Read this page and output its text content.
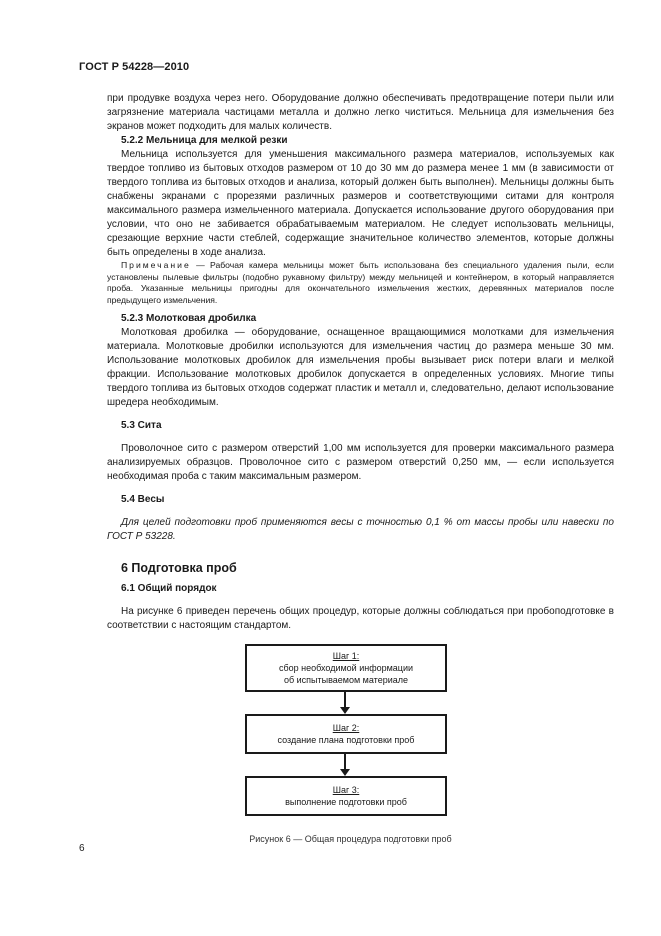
ГОСТ Р 54228—2010

при продувке воздуха через него. Оборудование должно обеспечивать предотвращение потери пыли или загрязнение материала частицами металла и должно легко чиститься. Мельница для измельчения без экранов может подходить для малых количеств.

5.2.2 Мельница для мелкой резки

Мельница используется для уменьшения максимального размера материалов, используемых как твердое топливо из бытовых отходов размером от 10 до 30 мм до размера менее 1 мм (в зависимости от твердого топлива из бытовых отходов и анализа, который должен быть выполнен). Мельницы должны быть снабжены экранами с прорезями различных размеров и соответствующими ситами для контроля максимального размера измельченного материала. Допускается использование другого оборудования при условии, что оно не забивается обрабатываемым материалом. Не следует использовать мельницы, срезающие верхние части стеблей, содержащие значительное количество элементов, которые должны быть определены в ходе анализа.

Примечание — Рабочая камера мельницы может быть использована без специального удаления пыли, если установлены пылевые фильтры (подобно рукавному фильтру) между мельницей и контейнером, в который направляется проба. Указанные мельницы пригодны для окончательного измельчения жестких, деревянных материалов после предыдущего измельчения.

5.2.3 Молотковая дробилка

Молотковая дробилка — оборудование, оснащенное вращающимися молотками для измельчения материала. Молотковые дробилки используются для измельчения частиц до размера меньше 30 мм. Использование молотковых дробилок для измельчения пробы вызывает риск потери влаги и мелкой фракции. Использование молотковых дробилок допускается в определенных условиях. Многие типы твердого топлива из бытовых отходов содержат пластик и металл и, следовательно, делают использование шредера необходимым.

5.3 Сита

Проволочное сито с размером отверстий 1,00 мм используется для проверки максимального размера анализируемых образцов. Проволочное сито с размером отверстий 0,250 мм, — если используется необходимая проба с таким максимальным размером.

5.4 Весы

Для целей подготовки проб применяются весы с точностью 0,1 % от массы пробы или навески по ГОСТ Р 53228.

6 Подготовка проб
6.1 Общий порядок

На рисунке 6 приведен перечень общих процедур, которые должны соблюдаться при пробоподготовке в соответствии с настоящим стандартом.

Шаг 1:
сбор необходимой информации
об испытываемом материале
Шаг 2:
создание плана подготовки проб
Шаг 3:
выполнение подготовки проб
Рисунок 6 — Общая процедура подготовки проб
6
